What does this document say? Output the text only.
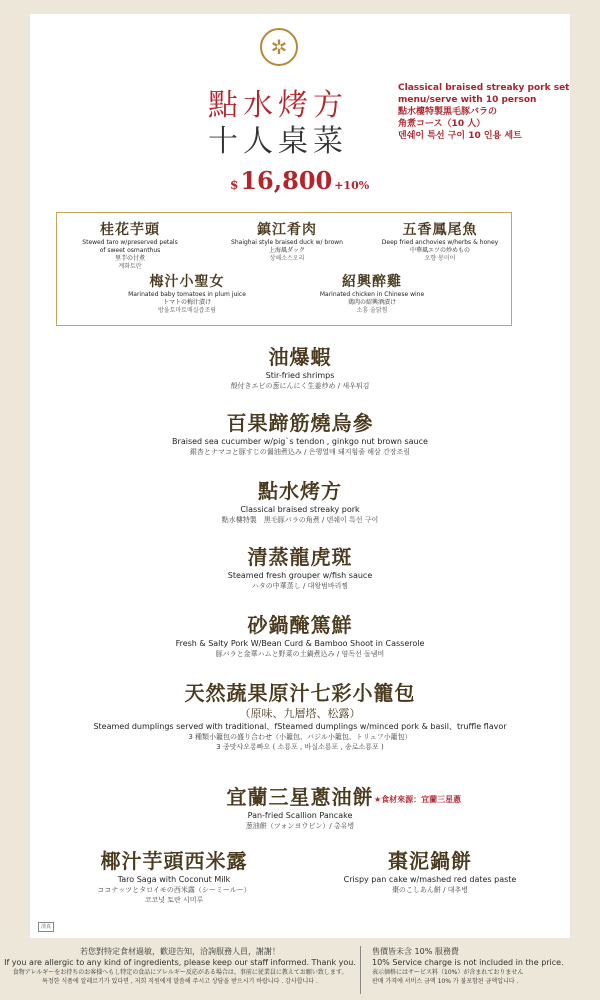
✲
點水烤方
十人桌菜
Classical braised streaky pork set
menu/serve with 10 person
點水樓特製黒毛豚バラの
角煮コース（10 人）
덴쉐이 특선 구이 10 인용 세트
$16,800 +10%
桂花芋頭
Stewed taro w/preserved petals
of sweet osmanthus
里芋の甘煮
계화토란
鎮江肴肉
Shaighai style braised duck w/ brown
上海風ダック
상해소스오리
五香鳳尾魚
Deep fried anchovies w/herbs & honey
中華風エツの炒めもの
오향 봉미어
梅汁小聖女
Marinated baby tomatoes in plum juice
トマトの梅汁漬け
방울토마토매실즙조림
紹興醉雞
Marinated chicken in Chinese wine
鶏肉の紹興酒漬け
소흥 술닭찜
油爆蝦
Stir-fried shrimps
殻付きエビの葱にんにく生姜炒め / 새우튀김
百果蹄筋燒烏參
Braised sea cucumber w/pig`s tendon , ginkgo nut brown sauce
銀杏とナマコと豚すじの醤油煮込み / 은행열매 돼지힘줄 해삼 간장조림
點水烤方
Classical braised streaky pork
點水樓特製　黒毛豚バラの角煮 / 덴쉐이 특선 구이
清蒸龍虎斑
Steamed fresh grouper w/fish sauce
ハタの中華蒸し / 대왕범바리찜
砂鍋醃篤鮮
Fresh & Salty Pork W/Bean Curd & Bamboo Shoot in Casserole
豚バラと金華ハムと野菜の土鍋煮込み / 염독선 돌냄비
天然蔬果原汁七彩小籠包
（原味、九層塔、松露）
Steamed dumplings served with traditional、fSteamed dumplings w/minced pork & basil、truffle flavor
3 種類小籠包の盛り合わせ（小籠包、バジル小籠包、トリュフ小籠包）
3 종맛샤오롱빠오 ( 소룡포 , 바실소룡포 , 송로소룡포 )
宜蘭三星蔥油餅 ★食材來源：宜蘭三星蔥
Pan-fried Scallion Pancake
葱油餅（ツォンヨウビン）/ 총유병
椰汁芋頭西米露
Taro Saga with Coconut Milk
ココナッツとタロイモの西米露（シーミールー）
코코넛 토란 시미루
棗泥鍋餅
Crispy pan cake w/mashed red dates paste
棗のこしあん餅 / 대추병
清真
若您對特定食材過敏，歡迎告知，洽詢服務人員，謝謝！
If you are allergic to any kind of ingredients, please keep our staff informed. Thank you.
食物アレルギーをお持ちのお客様へもし特定の食品にアレルギー反応がある場合は、事前に従業員に教えてお願い致します。
특정한 식품에 알레르기가 있다면 , 저희 직원에게 말씀해 주시고 상담을 받으시기 바랍니다 . 감사합니다 .
售價皆未含 10% 服務費
10% Service charge is not included in the price.
表示価格にはサービス料（10%）が含まれておりません
판매 가격에 서비스 금액 10% 가 불포함된 금액입니다 .
